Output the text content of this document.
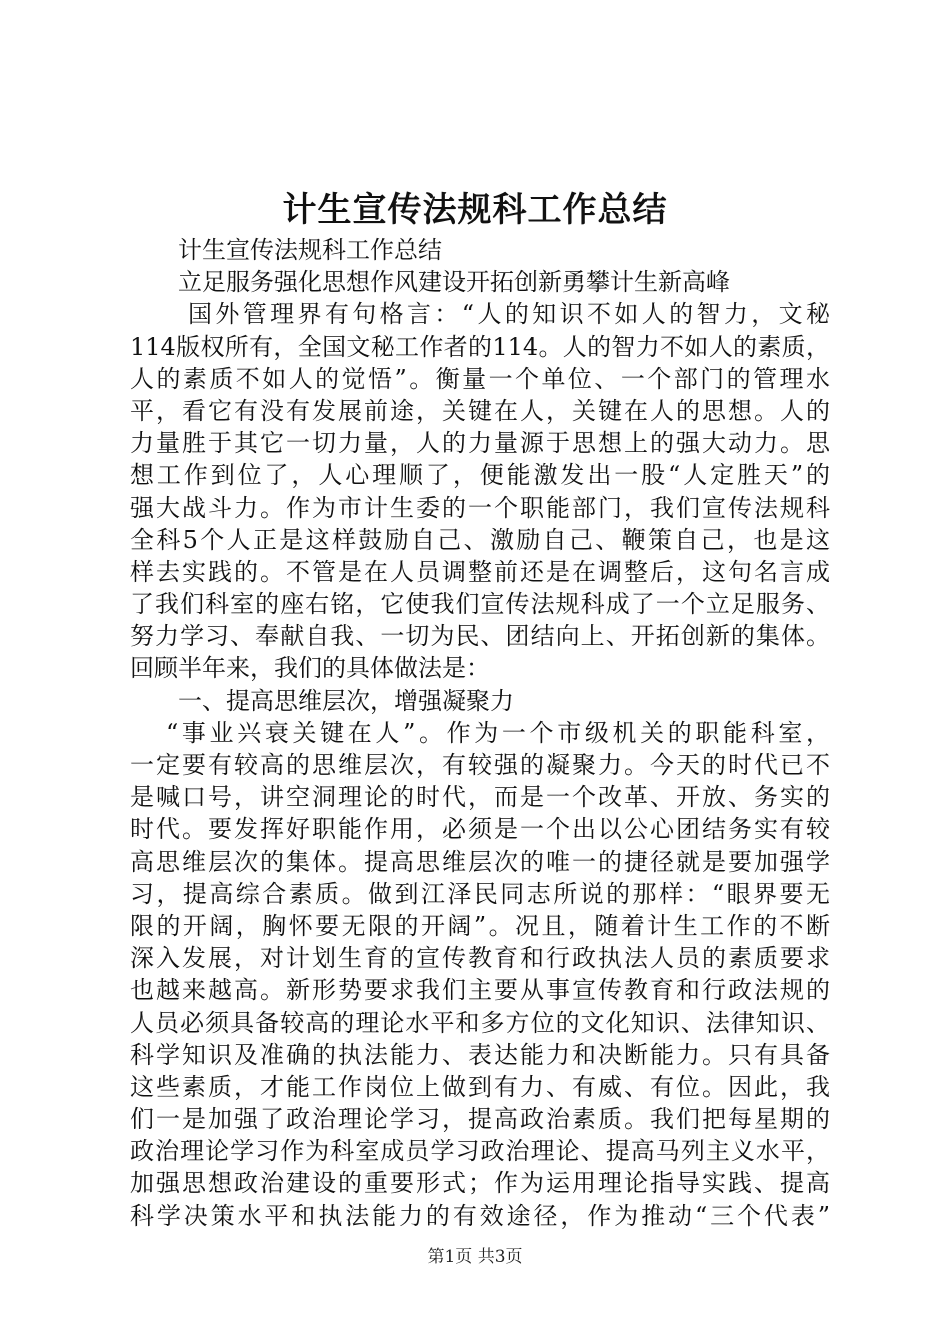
计生宣传法规科工作总结
计生宣传法规科工作总结
立足服务强化思想作风建设开拓创新勇攀计生新高峰
国外管理界有句格言：“人的知识不如人的智力，文秘
114版权所有，全国文秘工作者的114。人的智力不如人的素质，
人的素质不如人的觉悟”。衡量一个单位、一个部门的管理水
平，看它有没有发展前途，关键在人，关键在人的思想。人的
力量胜于其它一切力量，人的力量源于思想上的强大动力。思
想工作到位了，人心理顺了，便能激发出一股“人定胜天”的
强大战斗力。作为市计生委的一个职能部门，我们宣传法规科
全科5个人正是这样鼓励自己、激励自己、鞭策自己，也是这
样去实践的。不管是在人员调整前还是在调整后，这句名言成
了我们科室的座右铭，它使我们宣传法规科成了一个立足服务、
努力学习、奉献自我、一切为民、团结向上、开拓创新的集体。
回顾半年来，我们的具体做法是：
一、提高思维层次，增强凝聚力
“事业兴衰关键在人”。作为一个市级机关的职能科室，
一定要有较高的思维层次，有较强的凝聚力。今天的时代已不
是喊口号，讲空洞理论的时代，而是一个改革、开放、务实的
时代。要发挥好职能作用，必须是一个出以公心团结务实有较
高思维层次的集体。提高思维层次的唯一的捷径就是要加强学
习，提高综合素质。做到江泽民同志所说的那样：“眼界要无
限的开阔，胸怀要无限的开阔”。况且，随着计生工作的不断
深入发展，对计划生育的宣传教育和行政执法人员的素质要求
也越来越高。新形势要求我们主要从事宣传教育和行政法规的
人员必须具备较高的理论水平和多方位的文化知识、法律知识、
科学知识及准确的执法能力、表达能力和决断能力。只有具备
这些素质，才能工作岗位上做到有力、有威、有位。因此，我
们一是加强了政治理论学习，提高政治素质。我们把每星期的
政治理论学习作为科室成员学习政治理论、提高马列主义水平，
加强思想政治建设的重要形式；作为运用理论指导实践、提高
科学决策水平和执法能力的有效途径，作为推动“三个代表”
第1页 共3页
